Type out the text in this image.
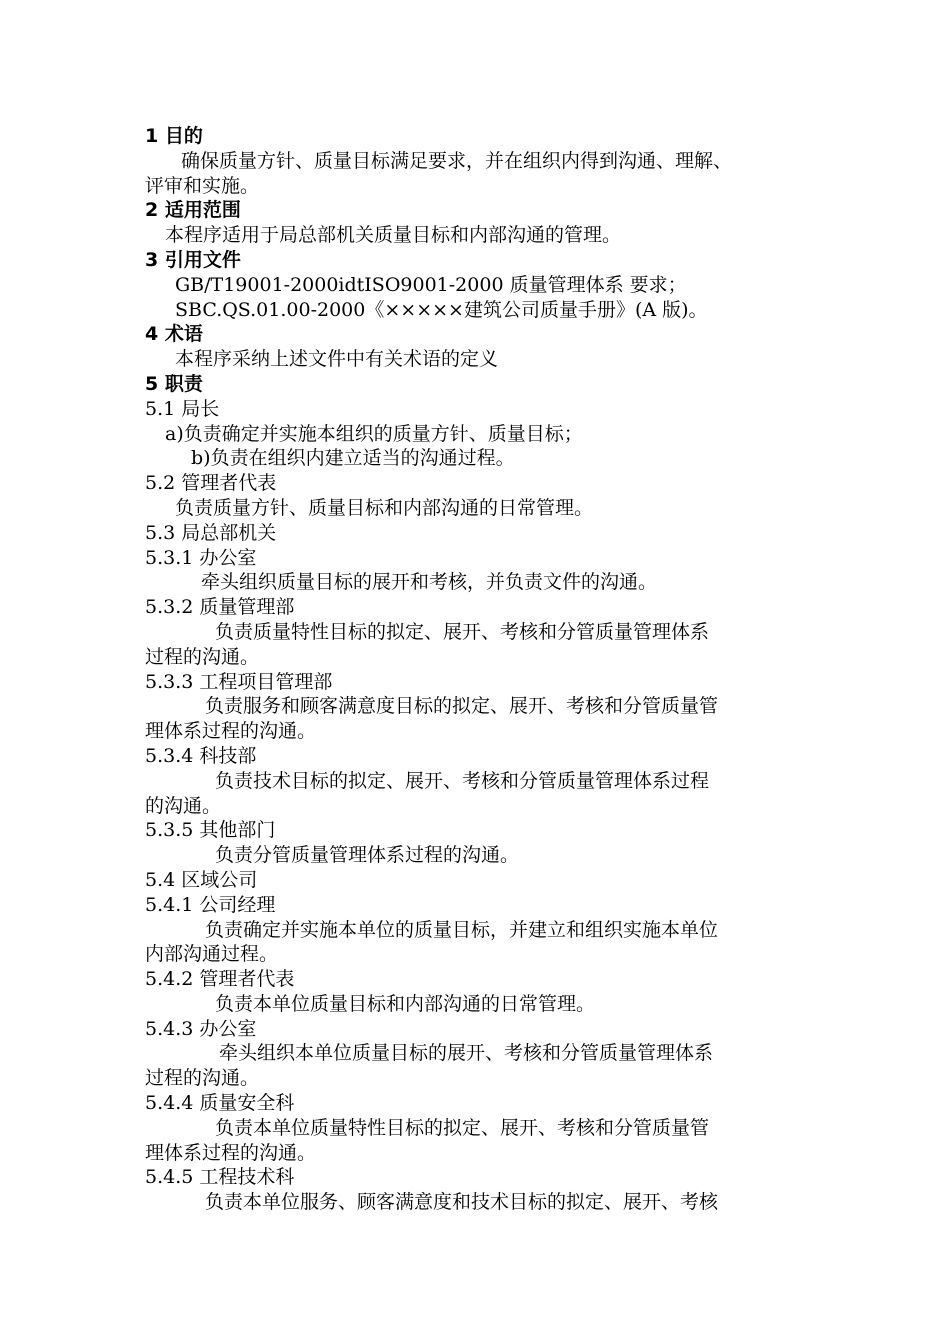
1 目的
确保质量方针、质量目标满足要求，并在组织内得到沟通、理解、
评审和实施。
2 适用范围
本程序适用于局总部机关质量目标和内部沟通的管理。
3 引用文件
GB/T19001-2000idtISO9001-2000 质量管理体系 要求；
SBC.QS.01.00-2000《×××××建筑公司质量手册》(A 版)。
4 术语
本程序采纳上述文件中有关术语的定义
5 职责
5.1 局长
a)负责确定并实施本组织的质量方针、质量目标；
b)负责在组织内建立适当的沟通过程。
5.2 管理者代表
负责质量方针、质量目标和内部沟通的日常管理。
5.3 局总部机关
5.3.1 办公室
牵头组织质量目标的展开和考核，并负责文件的沟通。
5.3.2 质量管理部
负责质量特性目标的拟定、展开、考核和分管质量管理体系
过程的沟通。
5.3.3 工程项目管理部
负责服务和顾客满意度目标的拟定、展开、考核和分管质量管
理体系过程的沟通。
5.3.4 科技部
负责技术目标的拟定、展开、考核和分管质量管理体系过程
的沟通。
5.3.5 其他部门
负责分管质量管理体系过程的沟通。
5.4 区域公司
5.4.1 公司经理
负责确定并实施本单位的质量目标，并建立和组织实施本单位
内部沟通过程。
5.4.2 管理者代表
负责本单位质量目标和内部沟通的日常管理。
5.4.3 办公室
牵头组织本单位质量目标的展开、考核和分管质量管理体系
过程的沟通。
5.4.4 质量安全科
负责本单位质量特性目标的拟定、展开、考核和分管质量管
理体系过程的沟通。
5.4.5 工程技术科
负责本单位服务、顾客满意度和技术目标的拟定、展开、考核
